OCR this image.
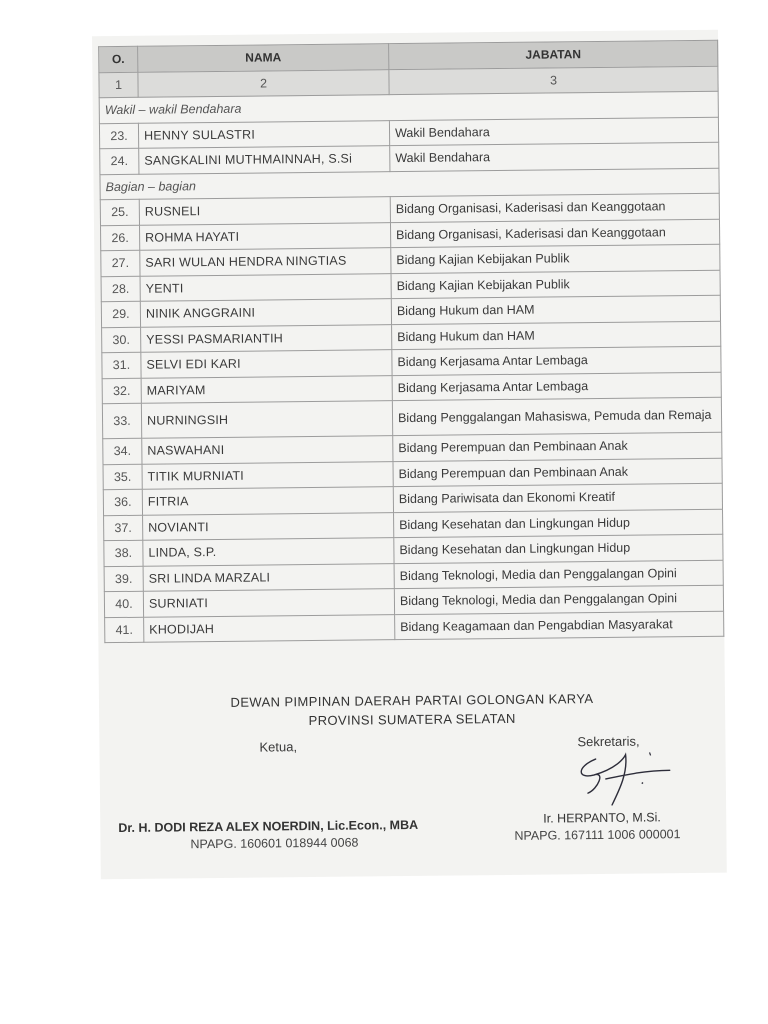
O.	NAMA	JABATAN
1	2	3
Wakil – wakil Bendahara		
23.	HENNY SULASTRI	Wakil Bendahara
24.	SANGKALINI MUTHMAINNAH, S.Si	Wakil Bendahara
Bagian – bagian		
25.	RUSNELI	Bidang Organisasi, Kaderisasi dan Keanggotaan
26.	ROHMA HAYATI	Bidang Organisasi, Kaderisasi dan Keanggotaan
27.	SARI WULAN HENDRA NINGTIAS	Bidang Kajian Kebijakan Publik
28.	YENTI	Bidang Kajian Kebijakan Publik
29.	NINIK ANGGRAINI	Bidang Hukum dan HAM
30.	YESSI PASMARIANTIH	Bidang Hukum dan HAM
31.	SELVI EDI KARI	Bidang Kerjasama Antar Lembaga
32.	MARIYAM	Bidang Kerjasama Antar Lembaga
33.	NURNINGSIH	Bidang Penggalangan Mahasiswa, Pemuda dan Remaja
34.	NASWAHANI	Bidang Perempuan dan Pembinaan Anak
35.	TITIK MURNIATI	Bidang Perempuan dan Pembinaan Anak
36.	FITRIA	Bidang Pariwisata dan Ekonomi Kreatif
37.	NOVIANTI	Bidang Kesehatan dan Lingkungan Hidup
38.	LINDA, S.P.	Bidang Kesehatan dan Lingkungan Hidup
39.	SRI LINDA MARZALI	Bidang Teknologi, Media dan Penggalangan Opini
40.	SURNIATI	Bidang Teknologi, Media dan Penggalangan Opini
41.	KHODIJAH	Bidang Keagamaan dan Pengabdian Masyarakat
DEWAN PIMPINAN DAERAH PARTAI GOLONGAN KARYA
PROVINSI SUMATERA SELATAN
Ketua,	Sekretaris,
Dr. H. DODI REZA ALEX NOERDIN, Lic.Econ., MBA
NPAPG. 160601 018944 0068
Ir. HERPANTO, M.Si.
NPAPG. 167111 1006 000001
